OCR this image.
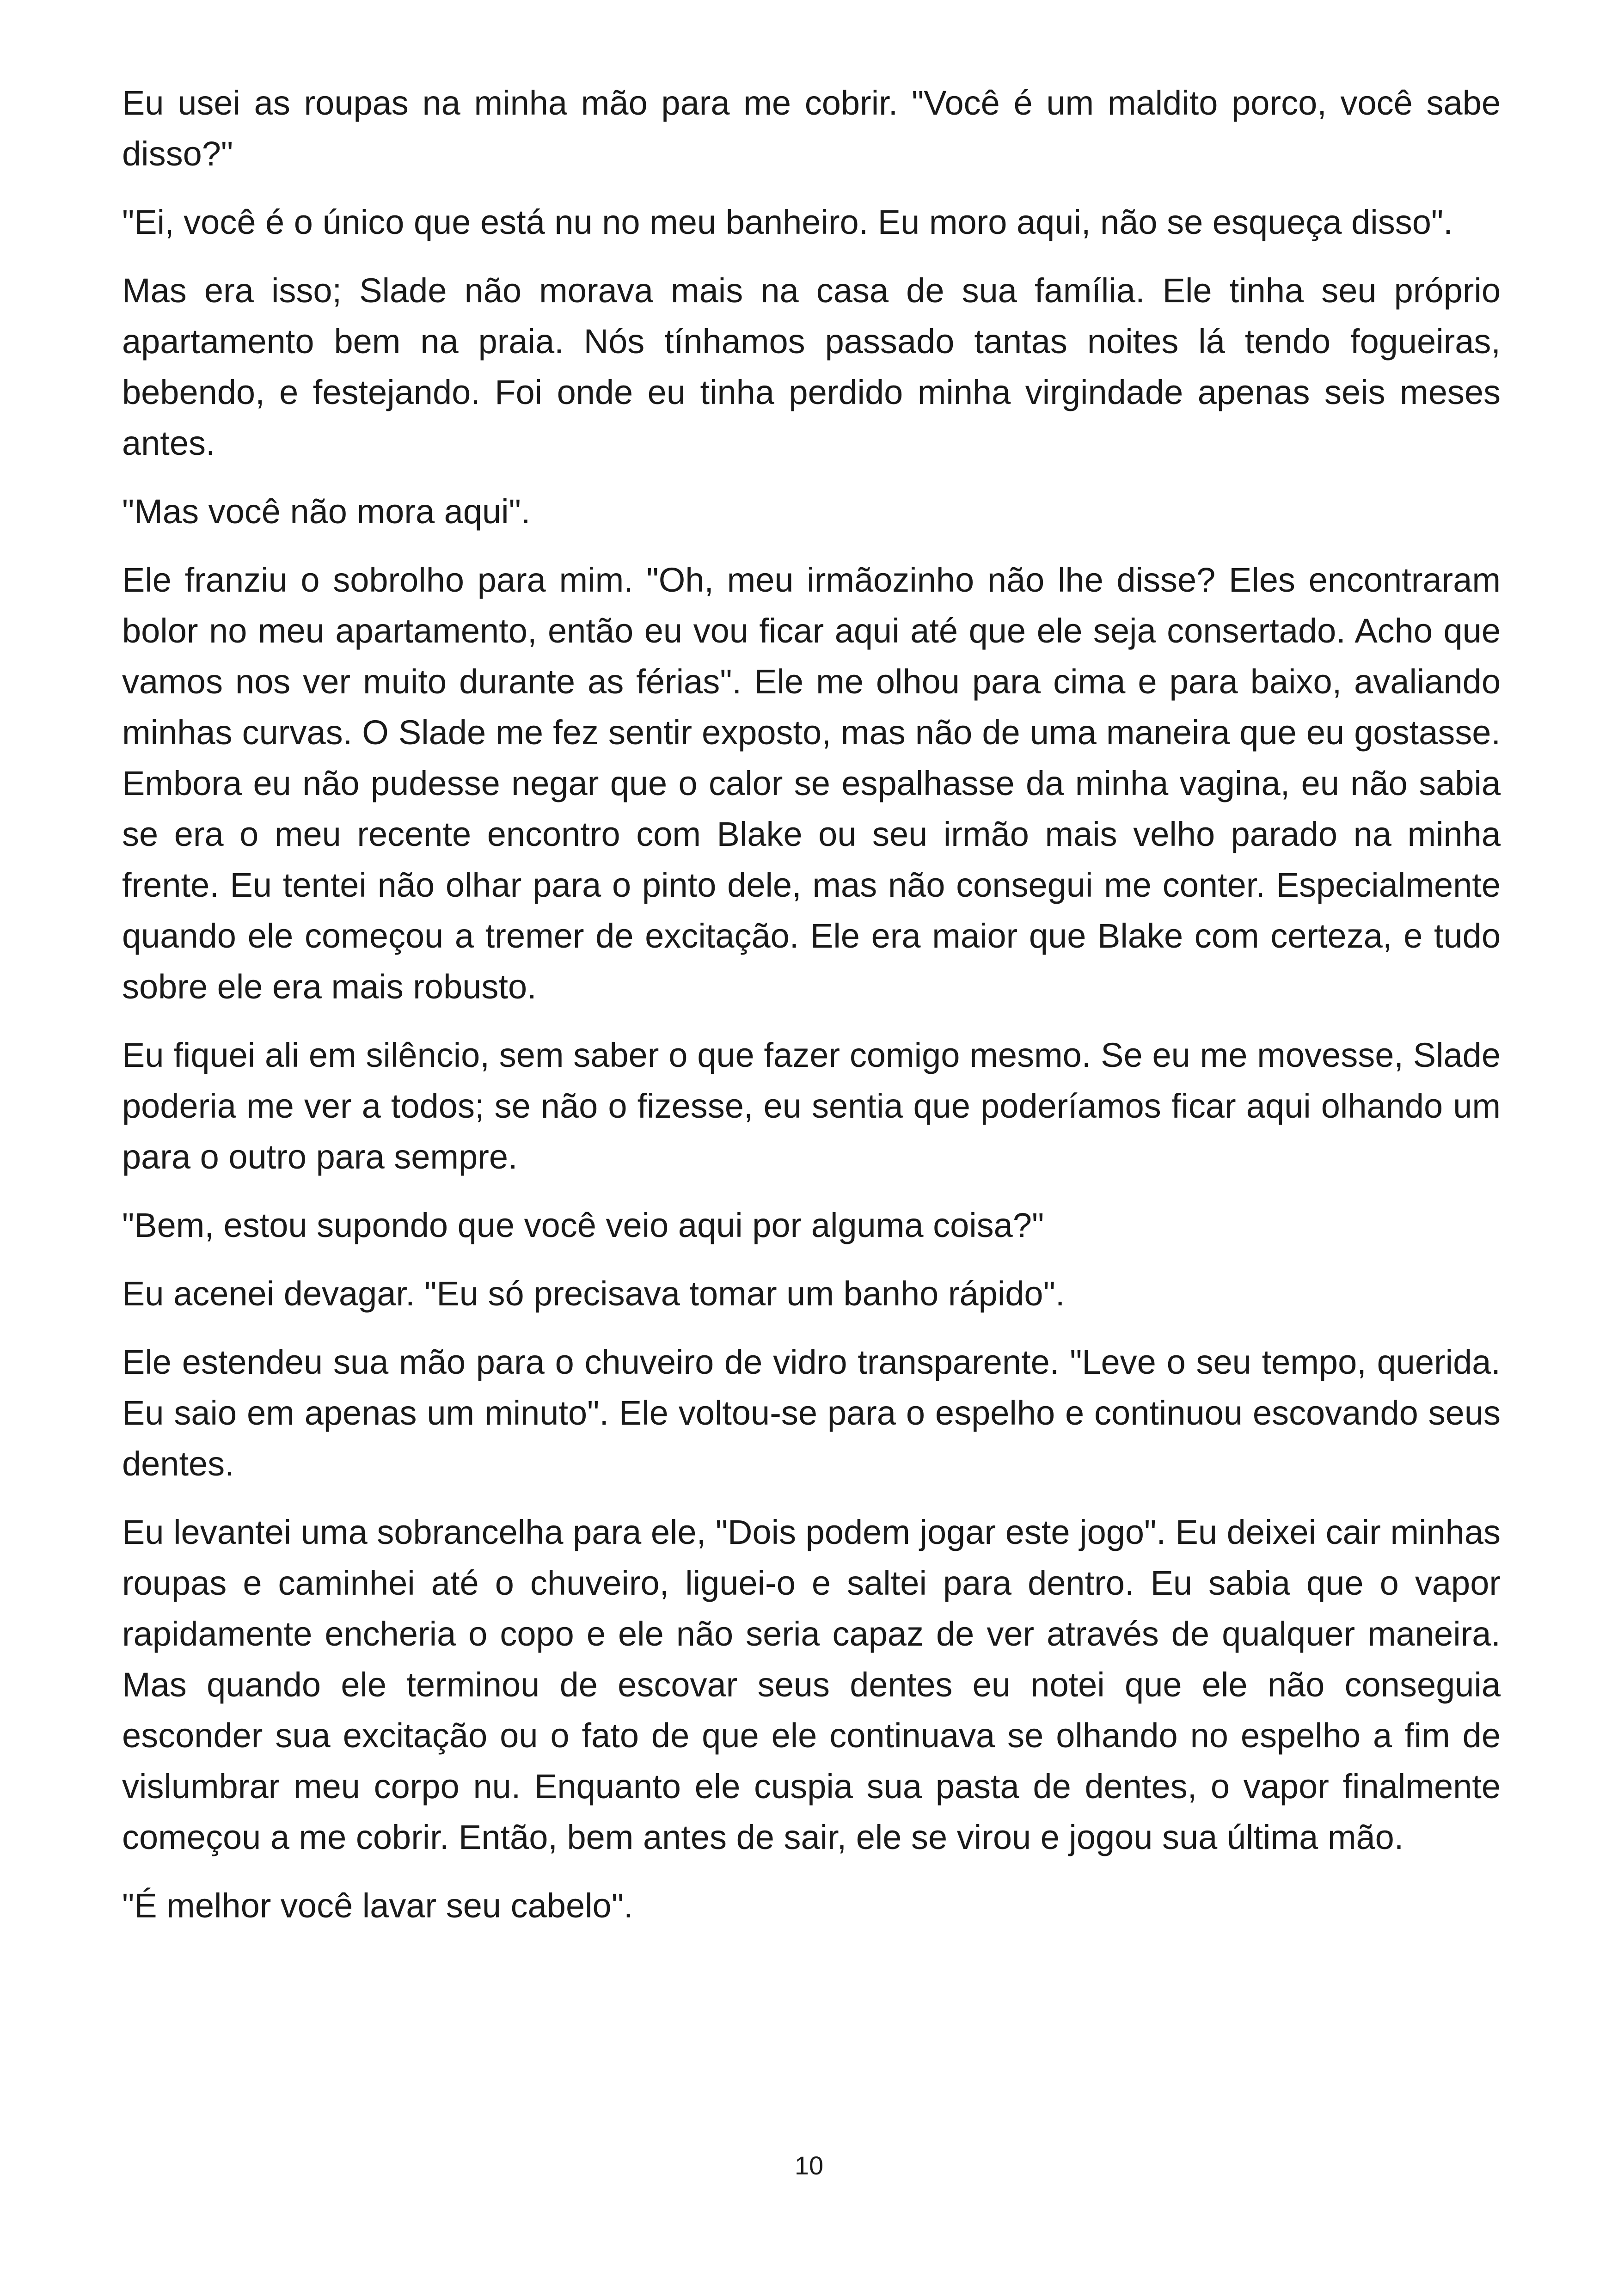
Eu usei as roupas na minha mão para me cobrir. "Você é um maldito porco, você sabe disso?"

"Ei, você é o único que está nu no meu banheiro. Eu moro aqui, não se esqueça disso".

Mas era isso; Slade não morava mais na casa de sua família. Ele tinha seu próprio apartamento bem na praia. Nós tínhamos passado tantas noites lá tendo fogueiras, bebendo, e festejando. Foi onde eu tinha perdido minha virgindade apenas seis meses antes.

"Mas você não mora aqui".

Ele franziu o sobrolho para mim. "Oh, meu irmãozinho não lhe disse? Eles encontraram bolor no meu apartamento, então eu vou ficar aqui até que ele seja consertado. Acho que vamos nos ver muito durante as férias". Ele me olhou para cima e para baixo, avaliando minhas curvas. O Slade me fez sentir exposto, mas não de uma maneira que eu gostasse. Embora eu não pudesse negar que o calor se espalhasse da minha vagina, eu não sabia se era o meu recente encontro com Blake ou seu irmão mais velho parado na minha frente. Eu tentei não olhar para o pinto dele, mas não consegui me conter. Especialmente quando ele começou a tremer de excitação. Ele era maior que Blake com certeza, e tudo sobre ele era mais robusto.

Eu fiquei ali em silêncio, sem saber o que fazer comigo mesmo. Se eu me movesse, Slade poderia me ver a todos; se não o fizesse, eu sentia que poderíamos ficar aqui olhando um para o outro para sempre.

"Bem, estou supondo que você veio aqui por alguma coisa?"

Eu acenei devagar. "Eu só precisava tomar um banho rápido".

Ele estendeu sua mão para o chuveiro de vidro transparente. "Leve o seu tempo, querida. Eu saio em apenas um minuto". Ele voltou-se para o espelho e continuou escovando seus dentes.

Eu levantei uma sobrancelha para ele, "Dois podem jogar este jogo". Eu deixei cair minhas roupas e caminhei até o chuveiro, liguei-o e saltei para dentro. Eu sabia que o vapor rapidamente encheria o copo e ele não seria capaz de ver através de qualquer maneira. Mas quando ele terminou de escovar seus dentes eu notei que ele não conseguia esconder sua excitação ou o fato de que ele continuava se olhando no espelho a fim de vislumbrar meu corpo nu. Enquanto ele cuspia sua pasta de dentes, o vapor finalmente começou a me cobrir. Então, bem antes de sair, ele se virou e jogou sua última mão.

"É melhor você lavar seu cabelo".

10
